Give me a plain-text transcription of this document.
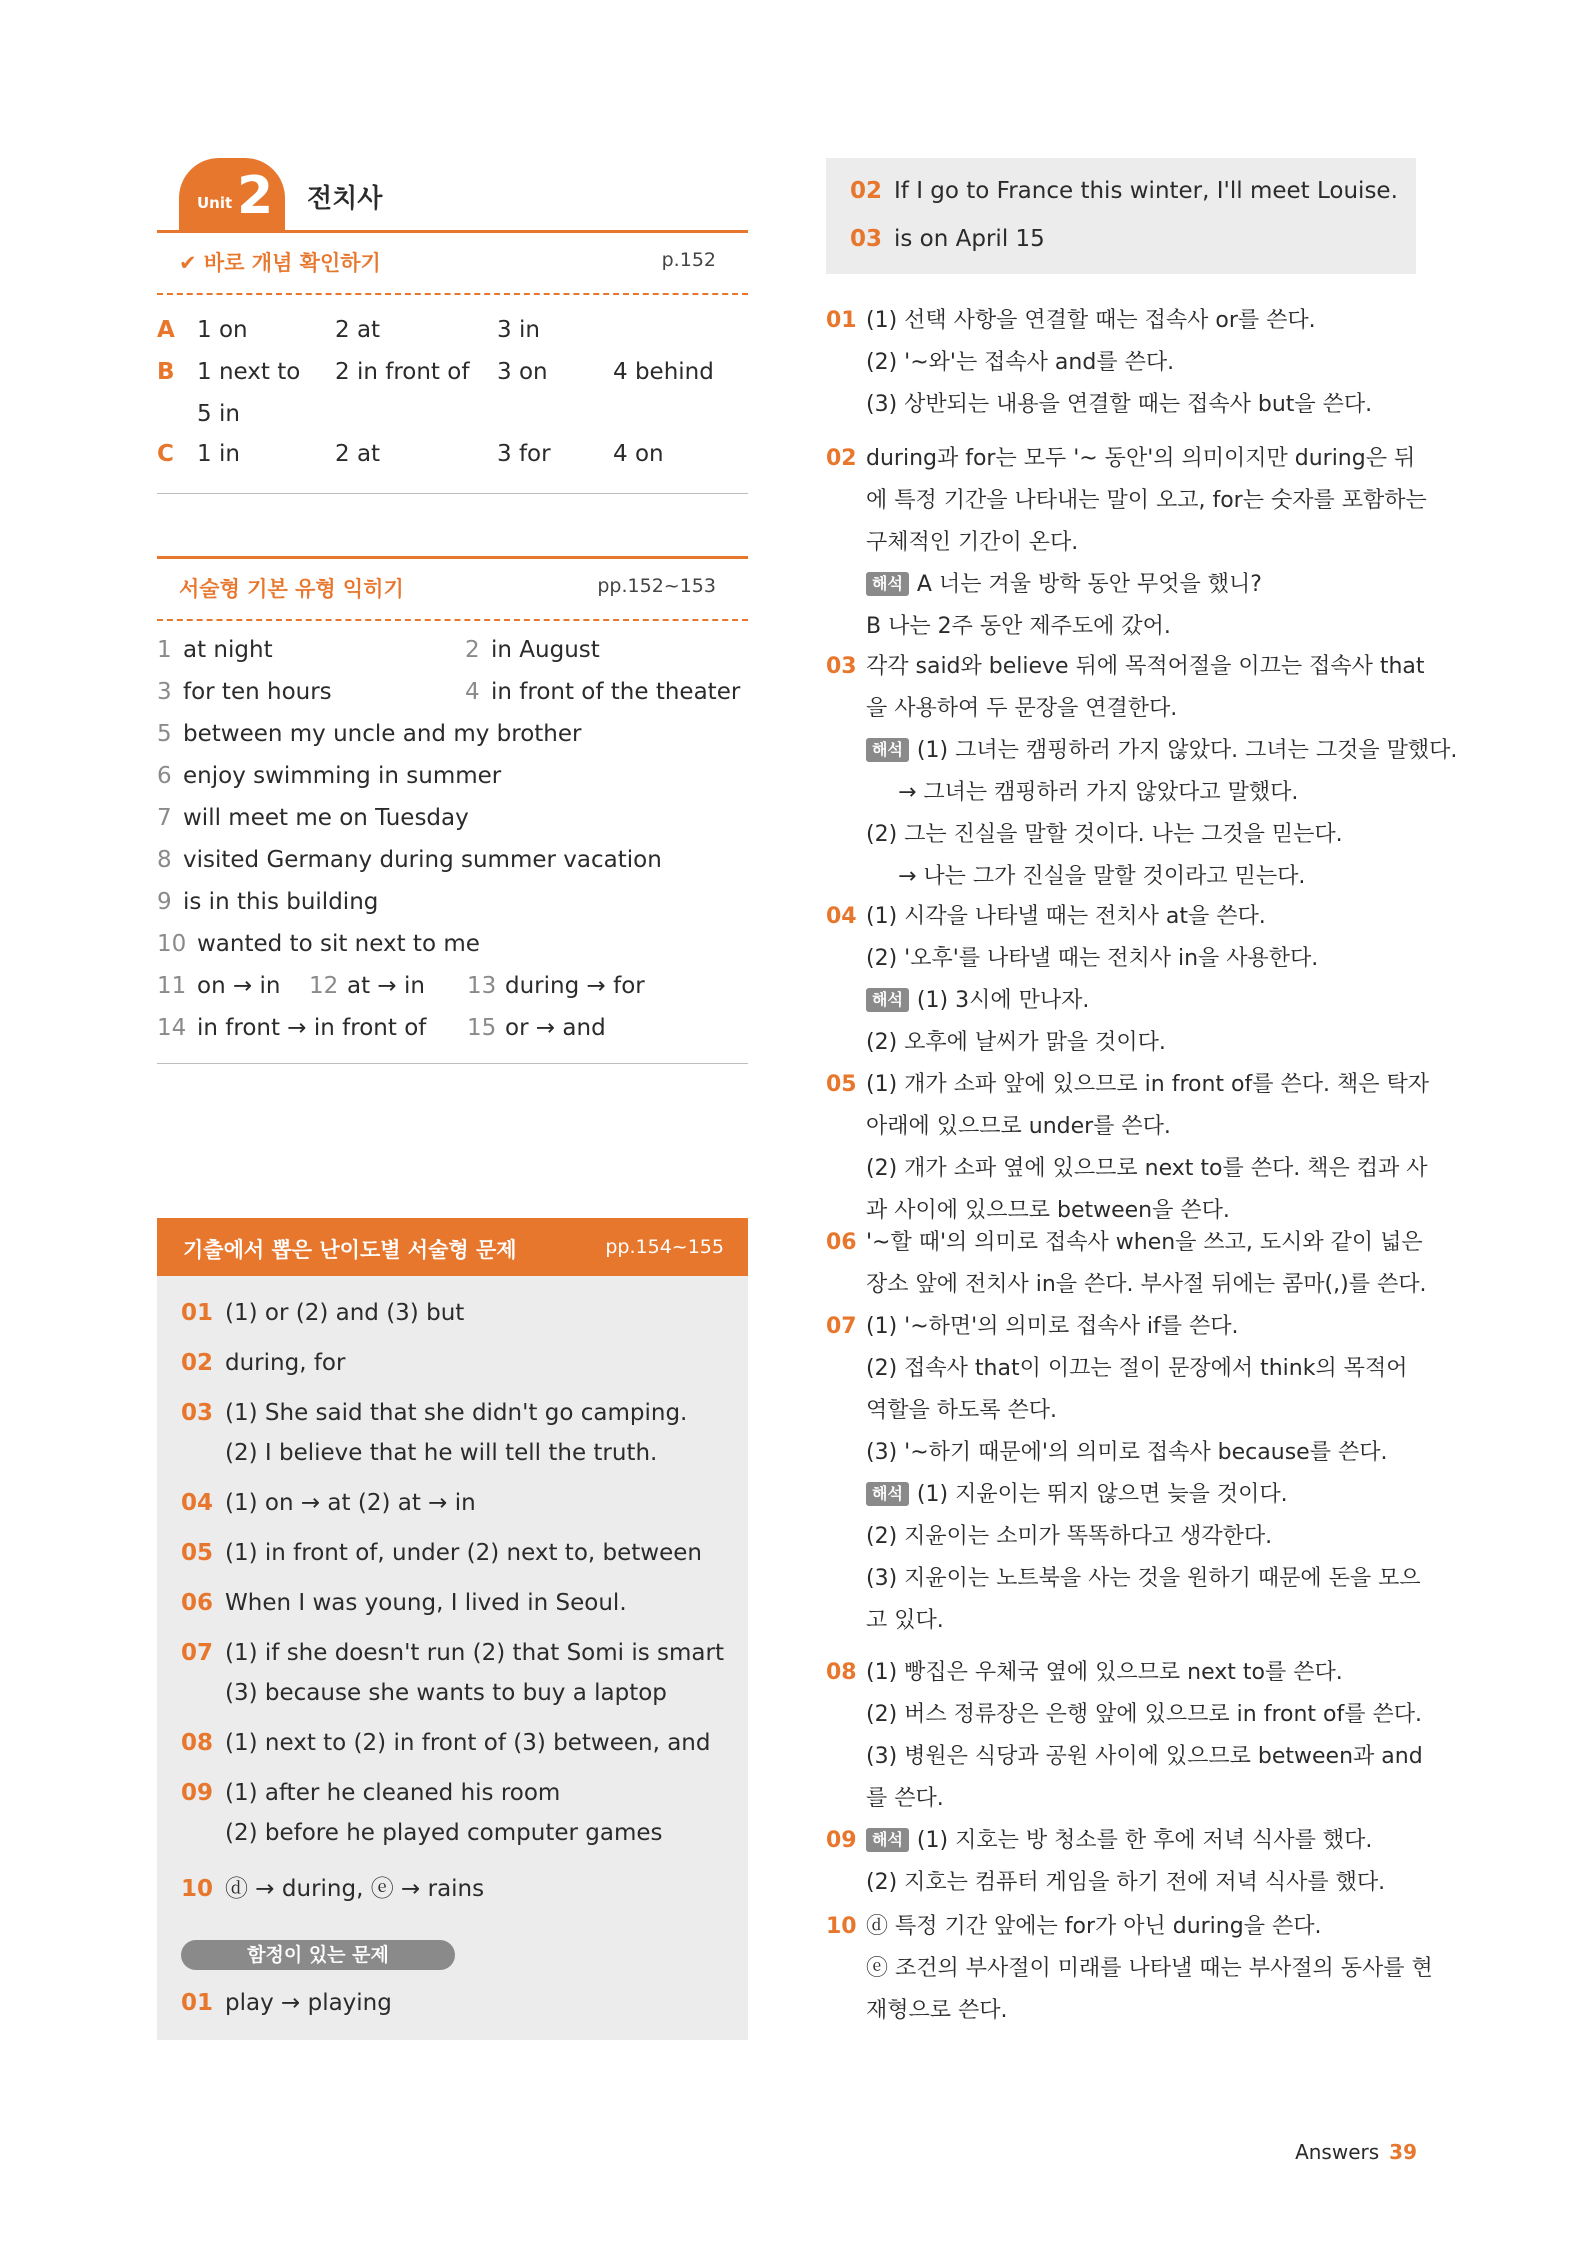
Unit 2 전치사
✔ 바로 개념 확인하기	p.152
A 1 on	2 at	3 in
B 1 next to 2 in front of 3 on	4 behind
5 in
C 1 in	2 at	3 for	4 on
서술형 기본 유형 익히기	pp.152~153
1 at night	2 in August
3 for ten hours	4 in front of the theater
5 between my uncle and my brother
6 enjoy swimming in summer
7 will meet me on Tuesday
8 visited Germany during summer vacation
9 is in this building
10 wanted to sit next to me
11 on → in 12 at → in 13 during → for
14 in front → in front of 15 or → and
기출에서 뽑은 난이도별 서술형 문제	pp.154~155
01 (1) or (2) and (3) but
02 during, for
03 (1) She said that she didn't go camping.
(2) I believe that he will tell the truth.
04 (1) on → at (2) at → in
05 (1) in front of, under (2) next to, between
06 When I was young, I lived in Seoul.
07 (1) if she doesn't run (2) that Somi is smart
(3) because she wants to buy a laptop
08 (1) next to (2) in front of (3) between, and
09 (1) after he cleaned his room
(2) before he played computer games
10 ⓓ → during, ⓔ → rains
함정이 있는 문제
01 play → playing
02 If I go to France this winter, I'll meet Louise.
03 is on April 15
01 (1) 선택 사항을 연결할 때는 접속사 or를 쓴다.
(2) '~와'는 접속사 and를 쓴다.
(3) 상반되는 내용을 연결할 때는 접속사 but을 쓴다.
02 during과 for는 모두 '~ 동안'의 의미이지만 during은 뒤
에 특정 기간을 나타내는 말이 오고, for는 숫자를 포함하는
구체적인 기간이 온다.
해석 A 너는 겨울 방학 동안 무엇을 했니?
B 나는 2주 동안 제주도에 갔어.
03 각각 said와 believe 뒤에 목적어절을 이끄는 접속사 that
을 사용하여 두 문장을 연결한다.
해석 (1) 그녀는 캠핑하러 가지 않았다. 그녀는 그것을 말했다.
→ 그녀는 캠핑하러 가지 않았다고 말했다.
(2) 그는 진실을 말할 것이다. 나는 그것을 믿는다.
→ 나는 그가 진실을 말할 것이라고 믿는다.
04 (1) 시각을 나타낼 때는 전치사 at을 쓴다.
(2) '오후'를 나타낼 때는 전치사 in을 사용한다.
해석 (1) 3시에 만나자.
(2) 오후에 날씨가 맑을 것이다.
05 (1) 개가 소파 앞에 있으므로 in front of를 쓴다. 책은 탁자
아래에 있으므로 under를 쓴다.
(2) 개가 소파 옆에 있으므로 next to를 쓴다. 책은 컵과 사
과 사이에 있으므로 between을 쓴다.
06 '~할 때'의 의미로 접속사 when을 쓰고, 도시와 같이 넓은
장소 앞에 전치사 in을 쓴다. 부사절 뒤에는 콤마(,)를 쓴다.
07 (1) '~하면'의 의미로 접속사 if를 쓴다.
(2) 접속사 that이 이끄는 절이 문장에서 think의 목적어
역할을 하도록 쓴다.
(3) '~하기 때문에'의 의미로 접속사 because를 쓴다.
해석 (1) 지윤이는 뛰지 않으면 늦을 것이다.
(2) 지윤이는 소미가 똑똑하다고 생각한다.
(3) 지윤이는 노트북을 사는 것을 원하기 때문에 돈을 모으
고 있다.
08 (1) 빵집은 우체국 옆에 있으므로 next to를 쓴다.
(2) 버스 정류장은 은행 앞에 있으므로 in front of를 쓴다.
(3) 병원은 식당과 공원 사이에 있으므로 between과 and
를 쓴다.
09 해석 (1) 지호는 방 청소를 한 후에 저녁 식사를 했다.
(2) 지호는 컴퓨터 게임을 하기 전에 저녁 식사를 했다.
10 ⓓ 특정 기간 앞에는 for가 아닌 during을 쓴다.
ⓔ 조건의 부사절이 미래를 나타낼 때는 부사절의 동사를 현
재형으로 쓴다.
Answers 39
